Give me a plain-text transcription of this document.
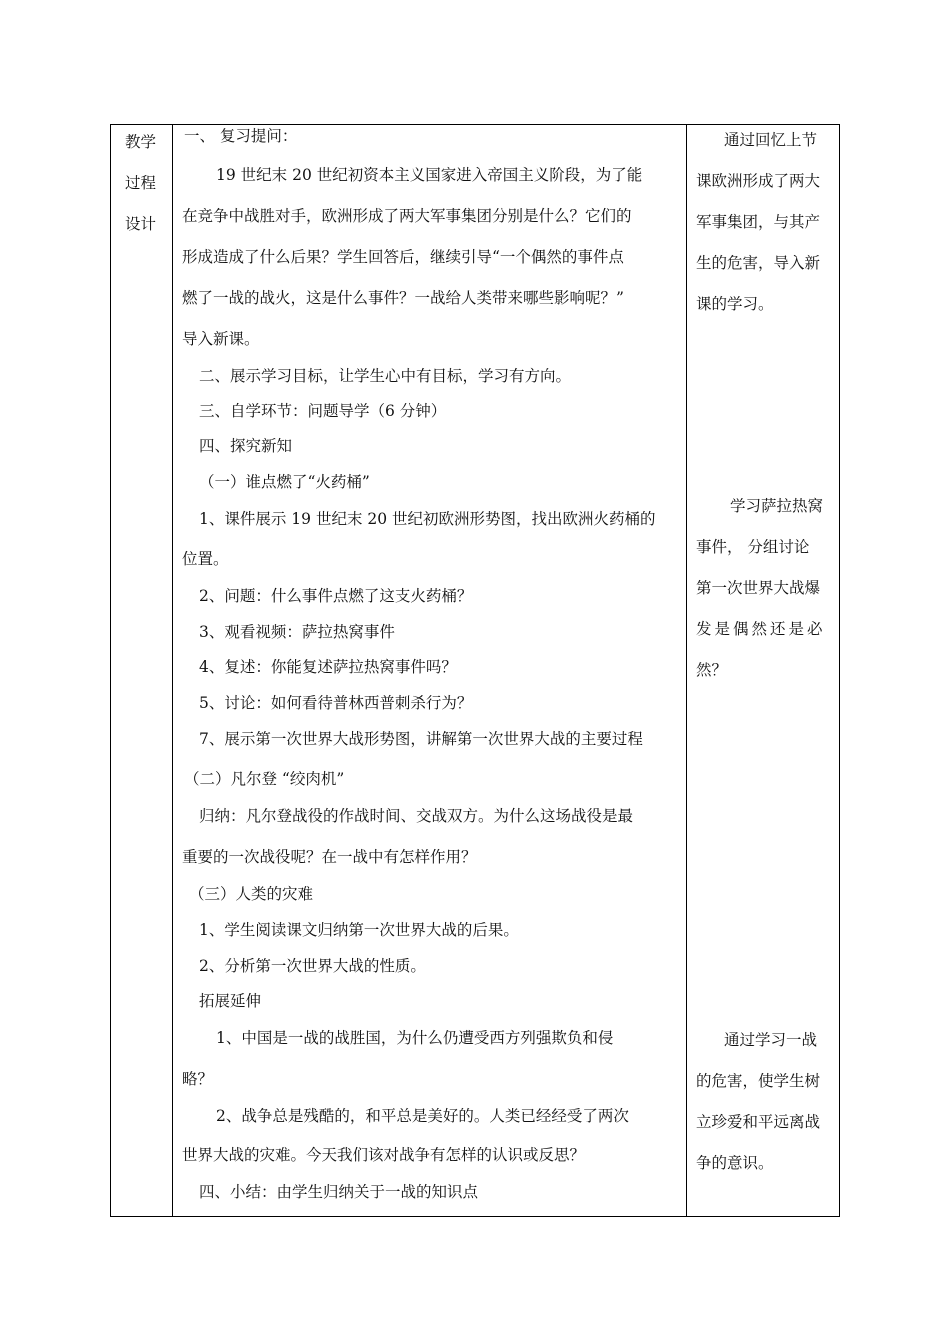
教学
过程
设计
一、 复习提问：
19 世纪末 20 世纪初资本主义国家进入帝国主义阶段，为了能
在竞争中战胜对手，欧洲形成了两大军事集团分别是什么？它们的
形成造成了什么后果？学生回答后，继续引导“一个偶然的事件点
燃了一战的战火，这是什么事件？一战给人类带来哪些影响呢？”
导入新课。
二、展示学习目标，让学生心中有目标，学习有方向。
三、自学环节：问题导学（6 分钟）
四、探究新知
（一）谁点燃了“火药桶”
1、课件展示 19 世纪末 20 世纪初欧洲形势图，找出欧洲火药桶的
位置。
2、问题：什么事件点燃了这支火药桶？
3、观看视频：萨拉热窝事件
4、复述：你能复述萨拉热窝事件吗？
5、讨论：如何看待普林西普刺杀行为？
7、展示第一次世界大战形势图，讲解第一次世界大战的主要过程
（二）凡尔登 “绞肉机”
归纳：凡尔登战役的作战时间、交战双方。为什么这场战役是最
重要的一次战役呢？在一战中有怎样作用？
（三）人类的灾难
1、学生阅读课文归纳第一次世界大战的后果。
2、分析第一次世界大战的性质。
拓展延伸
1、中国是一战的战胜国，为什么仍遭受西方列强欺负和侵
略？
2、战争总是残酷的，和平总是美好的。人类已经经受了两次
世界大战的灾难。今天我们该对战争有怎样的认识或反思？
四、小结：由学生归纳关于一战的知识点
通过回忆上节
课欧洲形成了两大
军事集团，与其产
生的危害，导入新
课的学习。
学习萨拉热窝
事件， 分组讨论
第一次世界大战爆
发是偶然还是必
然？
通过学习一战
的危害，使学生树
立珍爱和平远离战
争的意识。
